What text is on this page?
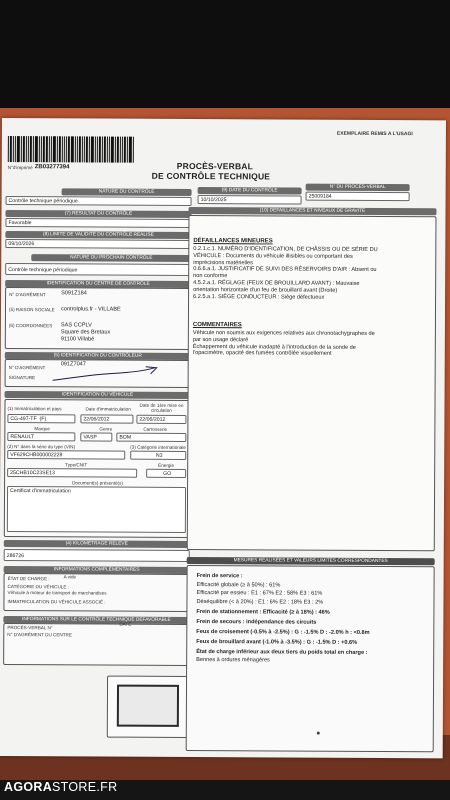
N°d'imprimé ZB03277394
EXEMPLAIRE REMIS A L'USAGI
PROCÈS-VERBAL
DE CONTRÔLE TECHNIQUE
NATURE DU CONTRÔLE
Contrôle technique périodique
(7) RÉSULTAT DU CONTRÔLE
Favorable
(8) LIMITE DE VALIDITÉ DU CONTRÔLE RÉALISÉ
09/10/2026
NATURE DU PROCHAIN CONTRÔLE
Contrôle technique périodique
IDENTIFICATION DU CENTRE DE CONTRÔLE
N° D'AGRÉMENT	S091Z184
(5) RAISON SOCIALE controlplus.fr - VILLABE
(6) COORDONNÉES SAS CCPLV
Square des Bretaux
91100 Villabé
(5) IDENTIFICATION DU CONTRÔLEUR
N° D'AGRÉMENT
091Z7047
SIGNATURE
IDENTIFICATION DU VÉHICULE
(1) Immatriculation et pays	Date d'immatriculation
Date de 1ère mise en circulation
CG-497-TF (F)	22/06/2012	22/06/2012
Marque	Genre	Carrosserie
RENAULT	VASP	BOM
(2) N° dans la série du type (VIN)	(3) Catégorie internationale
VF629CHB000002228	N3
Type/CNIT	Énergie
25CHB10C23SE13	GO
Document(s) présenté(s)
Certificat d'immatriculation
(4) KILOMÉTRAGE RELEVÉ
286726
INFORMATIONS COMPLÉMENTAIRES
ÉTAT DE CHARGE :	A vide
CATÉGORIE DU VÉHICULE :
Véhicule à moteur de transport de marchandises
IMMATRICULATION DU VÉHICULE ASSOCIÉ :
INFORMATIONS SUR LE CONTRÔLE TECHNIQUE DÉFAVORABLE
PROCÈS-VERBAL N°
DATE
N° D'AGRÉMENT DU CENTRE
(9) DATE DU CONTRÔLE
10/10/2025
N° DU PROCÈS-VERBAL
25009184
(10) DÉFAILLANCES ET NIVEAUX DE GRAVITÉ
DÉFAILLANCES MINEURES
0.2.1.c.1. NUMÉRO D'IDENTIFICATION, DE CHÂSSIS OU DE SÉRIE DU
VÉHICULE : Documents du véhicule illisibles ou comportant des
imprécisions matérielles
0.6.6.a.1. JUSTIFICATIF DE SUIVI DES RÉSERVOIRS D'AIR : Absent ou
non conforme
4.5.2.a.1. RÉGLAGE (FEUX DE BROUILLARD AVANT) : Mauvaise
orientation horizontale d'un feu de brouillard avant (Droite)
6.2.5.a.1. SIÈGE CONDUCTEUR : Siège défectueux
COMMENTAIRES
Véhicule non soumis aux exigences relatives aux chronotachygraphes de
par son usage déclaré
Échappement du véhicule inadapté à l'introduction de la sonde de
l'opacimètre, opacité des fumées contrôlée visuellement
MESURES RÉALISÉES ET VALEURS LIMITES CORRESPONDANTES
Frein de service :
Efficacité globale (≥ à 50%) : 61%
Efficacité par essieu : E1 : 67% E2 : 58% E3 : 61%
Déséquilibre (< à 20%) : E1 : 6% E2 : 18% E3 : 2%
Frein de stationnement : Efficacité (≥ à 18%) : 46%
Frein de secours : indépendance des circuits
Feux de croisement (-0.5% à -2.5%) : G : -1.5% D : -2.0% h : <0.8m
Feux de brouillard avant (-1.0% à -3.5%) : G : -1.5% D : +0.6%
État de charge inférieur aux deux tiers du poids total en charge :
Bennes à ordures ménagères
AGORASTORE.FR
